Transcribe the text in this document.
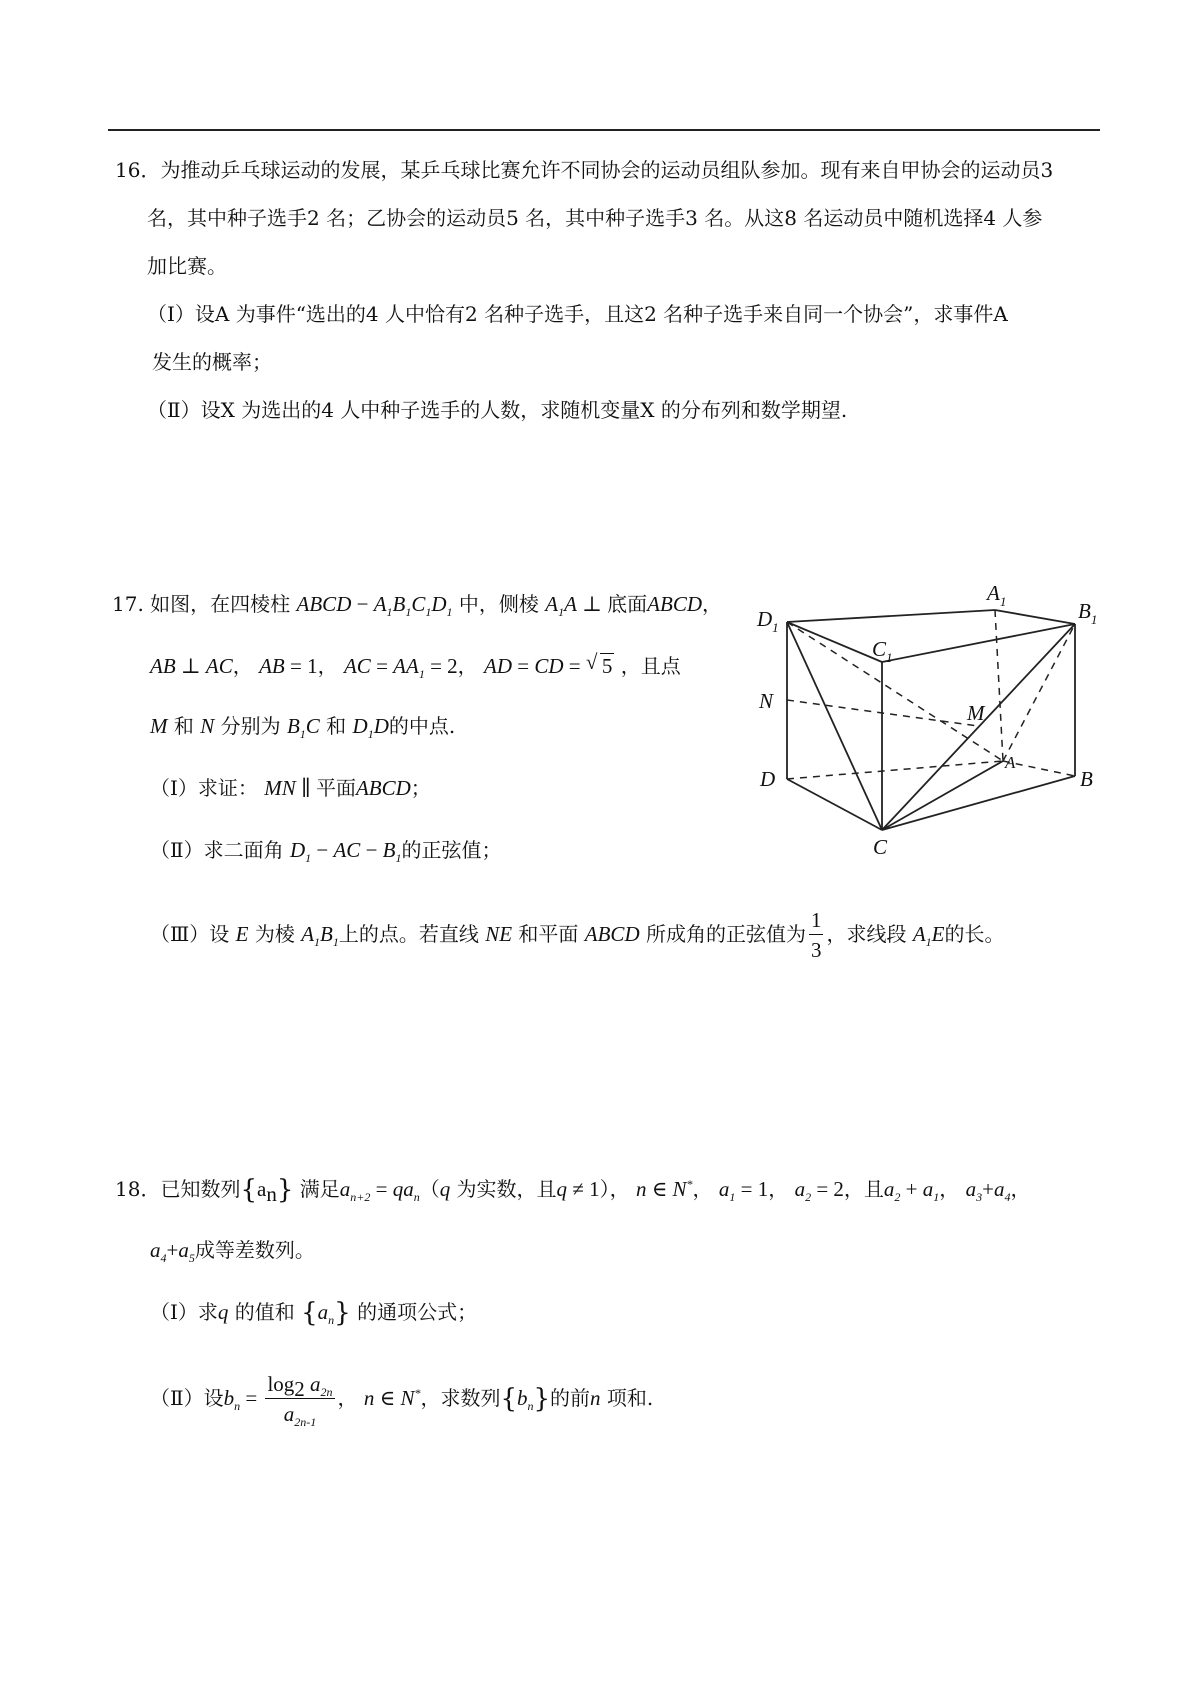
16．为推动乒乓球运动的发展，某乒乓球比赛允许不同协会的运动员组队参加。现有来自甲协会的运动员3
名，其中种子选手2 名；乙协会的运动员5 名，其中种子选手3 名。从这8 名运动员中随机选择4 人参
加比赛。
（Ⅰ）设A 为事件“选出的4 人中恰有2 名种子选手，且这2 名种子选手来自同一个协会”，求事件A
发生的概率；
（Ⅱ）设X 为选出的4 人中种子选手的人数，求随机变量X 的分布列和数学期望.
17. 如图，在四棱柱 ABCD − $A_1B_1C_1D_1$ 中，侧棱 $A_1A$ ⊥ 底面ABCD，
AB ⊥ AC， AB = 1， AC = $AA_1 = 2$， AD = CD = √ 5 ，且点
M 和 N 分别为 $B_1C$ 和 $D_1D$的中点.
（Ⅰ）求证： MN ∥ 平面ABCD；
（Ⅱ）求二面角 $D_1$ − AC − $B_1$的正弦值；
（Ⅲ）设 E 为棱 $A_1B_1$上的点。若直线 NE 和平面 ABCD 所成角的正弦值为 $\frac{1}{3}$ ，求线段 $A_1E$的长。
$D_1$
$A_1$	$B_1$
$C_1$
N	M
D
A
B
C
18．已知数列$\{a_n\}$ 满足$a_{n+2} = qa_n(q$ 为实数，且q ≠ 1）， n ∈ N*， $a_1 = 1$， $a_2 = 2$，且$a_2 + a_1$， $a_3+a_4$，
$a_4+a_5$成等差数列。
（Ⅰ）求q 的值和 $\{a_n\}$ 的通项公式；
（Ⅱ）设$b_n = \frac{\log_2 a_{2n}}{a_{2n-1}}$ ， n ∈ N*，求数列$\{b_n\}$的前n 项和.
